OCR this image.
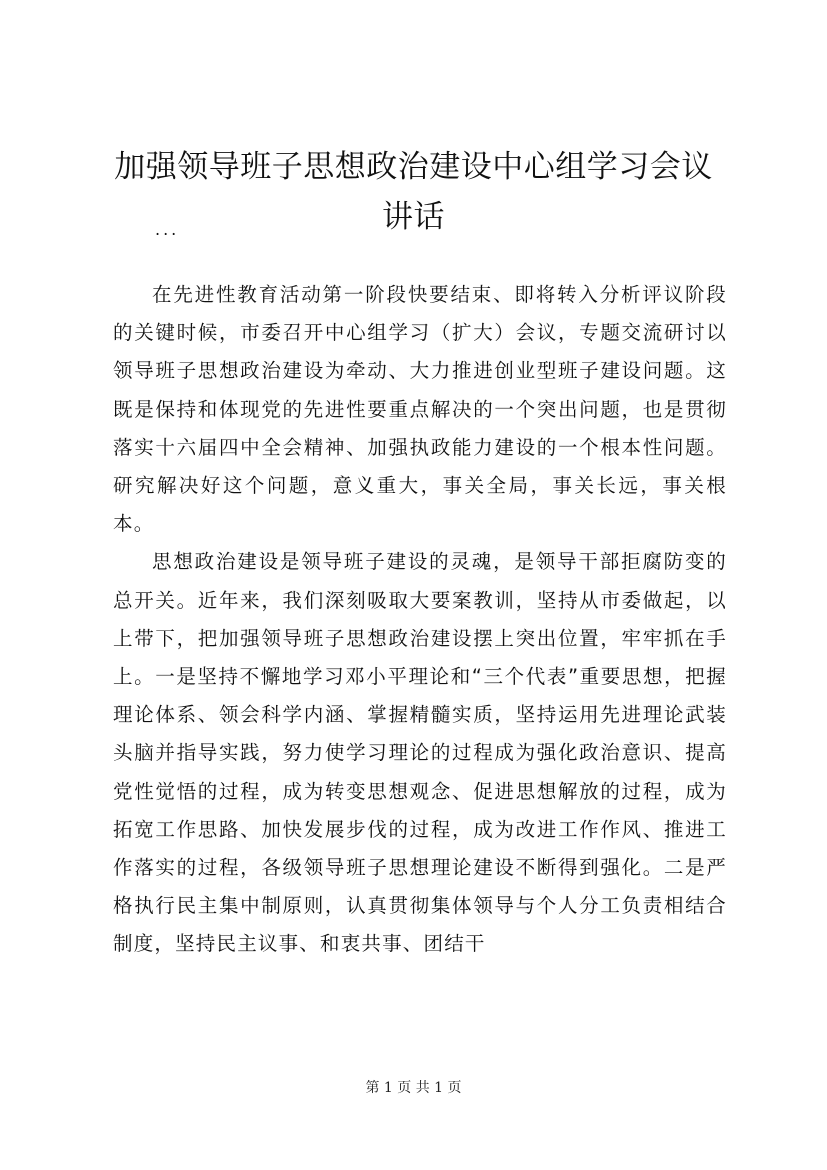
加强领导班子思想政治建设中心组学习会议讲话
...

在先进性教育活动第一阶段快要结束、即将转入分析评议阶段的关键时候，市委召开中心组学习（扩大）会议，专题交流研讨以领导班子思想政治建设为牵动、大力推进创业型班子建设问题。这既是保持和体现党的先进性要重点解决的一个突出问题，也是贯彻落实十六届四中全会精神、加强执政能力建设的一个根本性问题。研究解决好这个问题，意义重大，事关全局，事关长远，事关根本。

思想政治建设是领导班子建设的灵魂，是领导干部拒腐防变的总开关。近年来，我们深刻吸取大要案教训，坚持从市委做起，以上带下，把加强领导班子思想政治建设摆上突出位置，牢牢抓在手上。一是坚持不懈地学习邓小平理论和“三个代表”重要思想，把握理论体系、领会科学内涵、掌握精髓实质，坚持运用先进理论武装头脑并指导实践，努力使学习理论的过程成为强化政治意识、提高党性觉悟的过程，成为转变思想观念、促进思想解放的过程，成为拓宽工作思路、加快发展步伐的过程，成为改进工作作风、推进工作落实的过程，各级领导班子思想理论建设不断得到强化。二是严格执行民主集中制原则，认真贯彻集体领导与个人分工负责相结合制度，坚持民主议事、和衷共事、团结干

第 1 页 共 1 页
